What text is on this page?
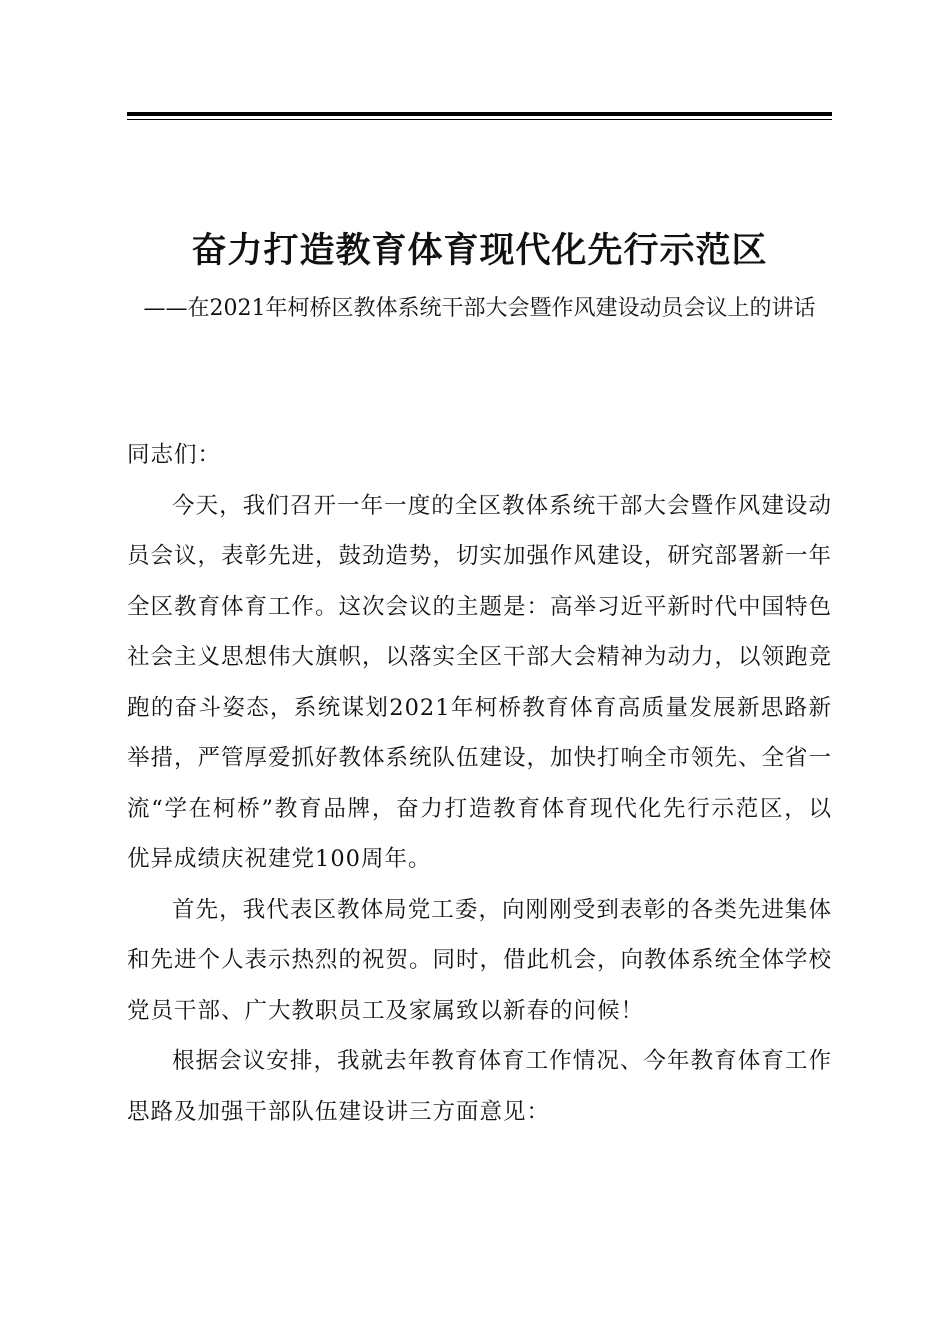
奋力打造教育体育现代化先行示范区
——在2021年柯桥区教体系统干部大会暨作风建设动员会议上的讲话

同志们：

今天，我们召开一年一度的全区教体系统干部大会暨作风建设动员会议，表彰先进，鼓劲造势，切实加强作风建设，研究部署新一年全区教育体育工作。这次会议的主题是：高举习近平新时代中国特色社会主义思想伟大旗帜，以落实全区干部大会精神为动力，以领跑竞跑的奋斗姿态，系统谋划2021年柯桥教育体育高质量发展新思路新举措，严管厚爱抓好教体系统队伍建设，加快打响全市领先、全省一流“学在柯桥”教育品牌，奋力打造教育体育现代化先行示范区，以优异成绩庆祝建党100周年。

首先，我代表区教体局党工委，向刚刚受到表彰的各类先进集体和先进个人表示热烈的祝贺。同时，借此机会，向教体系统全体学校党员干部、广大教职员工及家属致以新春的问候！

根据会议安排，我就去年教育体育工作情况、今年教育体育工作思路及加强干部队伍建设讲三方面意见：
